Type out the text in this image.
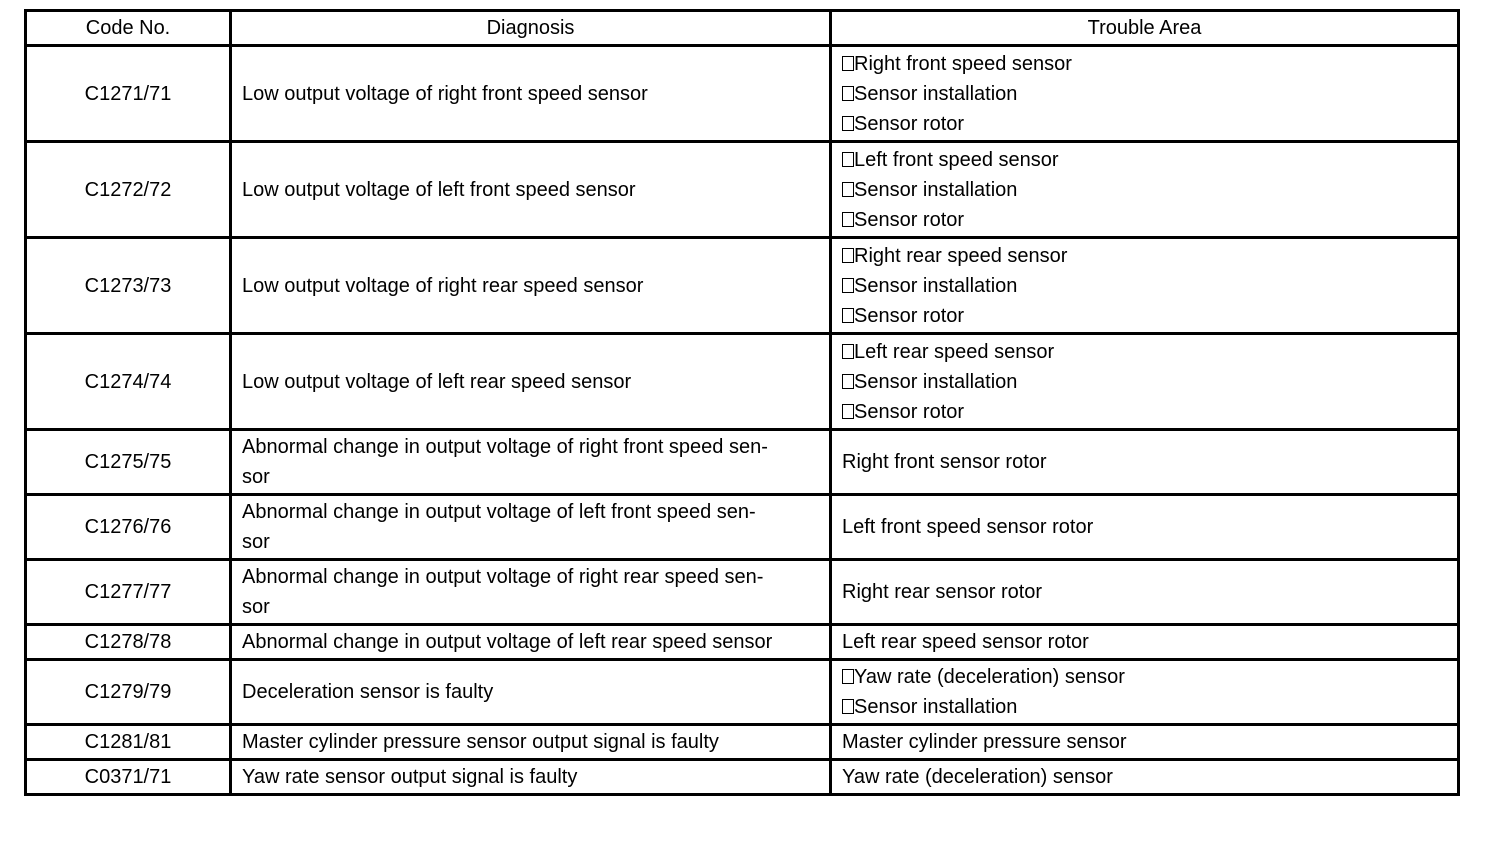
Code No.	Diagnosis	Trouble Area
C1271/71	Low output voltage of right front speed sensor	Right front speed sensor
Sensor installation
Sensor rotor

C1272/72	Low output voltage of left front speed sensor	Left front speed sensor
Sensor installation
Sensor rotor

C1273/73	Low output voltage of right rear speed sensor	Right rear speed sensor
Sensor installation
Sensor rotor

C1274/74	Low output voltage of left rear speed sensor	Left rear speed sensor
Sensor installation
Sensor rotor

C1275/75	Abnormal change in output voltage of right front speed sen-
sor	Right front sensor rotor

C1276/76	Abnormal change in output voltage of left front speed sen-
sor	Left front speed sensor rotor

C1277/77	Abnormal change in output voltage of right rear speed sen-
sor	Right rear sensor rotor

C1278/78	Abnormal change in output voltage of left rear speed sensor	Left rear speed sensor rotor

C1279/79	Deceleration sensor is faulty	Yaw rate (deceleration) sensor
Sensor installation

C1281/81	Master cylinder pressure sensor output signal is faulty	Master cylinder pressure sensor

C0371/71	Yaw rate sensor output signal is faulty	Yaw rate (deceleration) sensor
